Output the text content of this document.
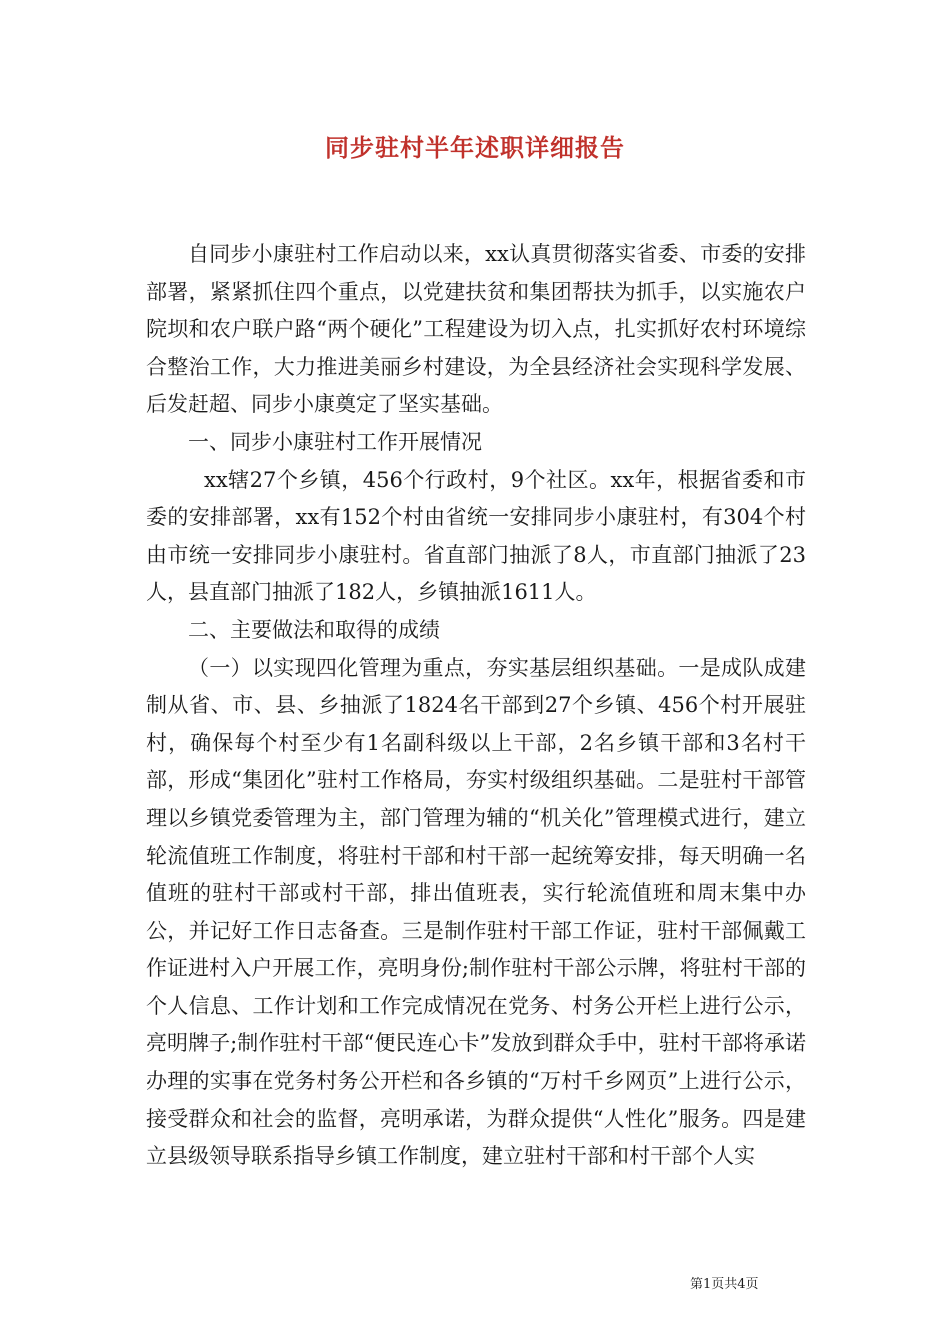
同步驻村半年述职详细报告

自同步小康驻村工作启动以来，xx认真贯彻落实省委、市委的安排部署，紧紧抓住四个重点，以党建扶贫和集团帮扶为抓手，以实施农户院坝和农户联户路“两个硬化”工程建设为切入点，扎实抓好农村环境综合整治工作，大力推进美丽乡村建设，为全县经济社会实现科学发展、后发赶超、同步小康奠定了坚实基础。

一、同步小康驻村工作开展情况

xx辖27个乡镇，456个行政村，9个社区。xx年，根据省委和市委的安排部署，xx有152个村由省统一安排同步小康驻村，有304个村由市统一安排同步小康驻村。省直部门抽派了8人，市直部门抽派了23人，县直部门抽派了182人，乡镇抽派1611人。

二、主要做法和取得的成绩

（一）以实现四化管理为重点，夯实基层组织基础。一是成队成建制从省、市、县、乡抽派了1824名干部到27个乡镇、456个村开展驻村，确保每个村至少有1名副科级以上干部，2名乡镇干部和3名村干部，形成“集团化”驻村工作格局，夯实村级组织基础。二是驻村干部管理以乡镇党委管理为主，部门管理为辅的“机关化”管理模式进行，建立轮流值班工作制度，将驻村干部和村干部一起统筹安排，每天明确一名值班的驻村干部或村干部，排出值班表，实行轮流值班和周末集中办公，并记好工作日志备查。三是制作驻村干部工作证，驻村干部佩戴工作证进村入户开展工作，亮明身份;制作驻村干部公示牌，将驻村干部的个人信息、工作计划和工作完成情况在党务、村务公开栏上进行公示，亮明牌子;制作驻村干部“便民连心卡”发放到群众手中，驻村干部将承诺办理的实事在党务村务公开栏和各乡镇的“万村千乡网页”上进行公示，接受群众和社会的监督，亮明承诺，为群众提供“人性化”服务。四是建立县级领导联系指导乡镇工作制度，建立驻村干部和村干部个人实

第1页共4页
